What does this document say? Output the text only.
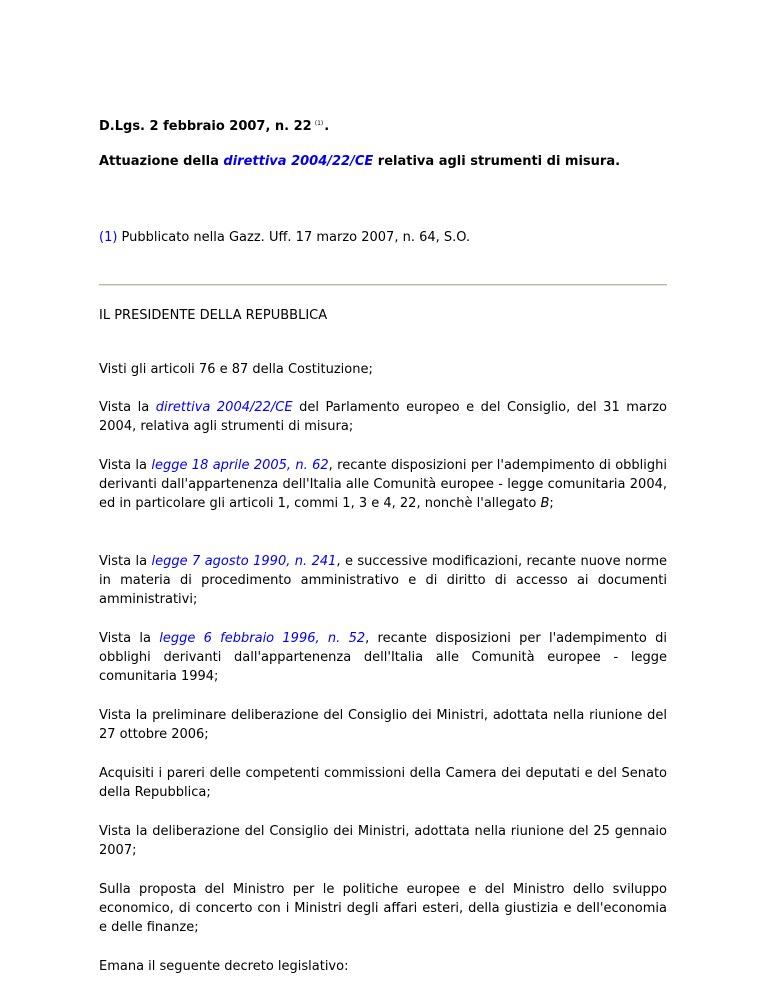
D.Lgs. 2 febbraio 2007, n. 22 $^{(1)}$.

Attuazione della direttiva 2004/22/CE relativa agli strumenti di misura.

(1) Pubblicato nella Gazz. Uff. 17 marzo 2007, n. 64, S.O.

IL PRESIDENTE DELLA REPUBBLICA

Visti gli articoli 76 e 87 della Costituzione;

Vista la direttiva 2004/22/CE del Parlamento europeo e del Consiglio, del 31 marzo 2004, relativa agli strumenti di misura;

Vista la legge 18 aprile 2005, n. 62, recante disposizioni per l'adempimento di obblighi derivanti dall'appartenenza dell'Italia alle Comunità europee - legge comunitaria 2004, ed in particolare gli articoli 1, commi 1, 3 e 4, 22, nonchè l'allegato B;

Vista la legge 7 agosto 1990, n. 241, e successive modificazioni, recante nuove norme in materia di procedimento amministrativo e di diritto di accesso ai documenti amministrativi;

Vista la legge 6 febbraio 1996, n. 52, recante disposizioni per l'adempimento di obblighi derivanti dall'appartenenza dell'Italia alle Comunità europee - legge comunitaria 1994;

Vista la preliminare deliberazione del Consiglio dei Ministri, adottata nella riunione del 27 ottobre 2006;

Acquisiti i pareri delle competenti commissioni della Camera dei deputati e del Senato della Repubblica;

Vista la deliberazione del Consiglio dei Ministri, adottata nella riunione del 25 gennaio 2007;

Sulla proposta del Ministro per le politiche europee e del Ministro dello sviluppo economico, di concerto con i Ministri degli affari esteri, della giustizia e dell'economia e delle finanze;

Emana il seguente decreto legislativo:
